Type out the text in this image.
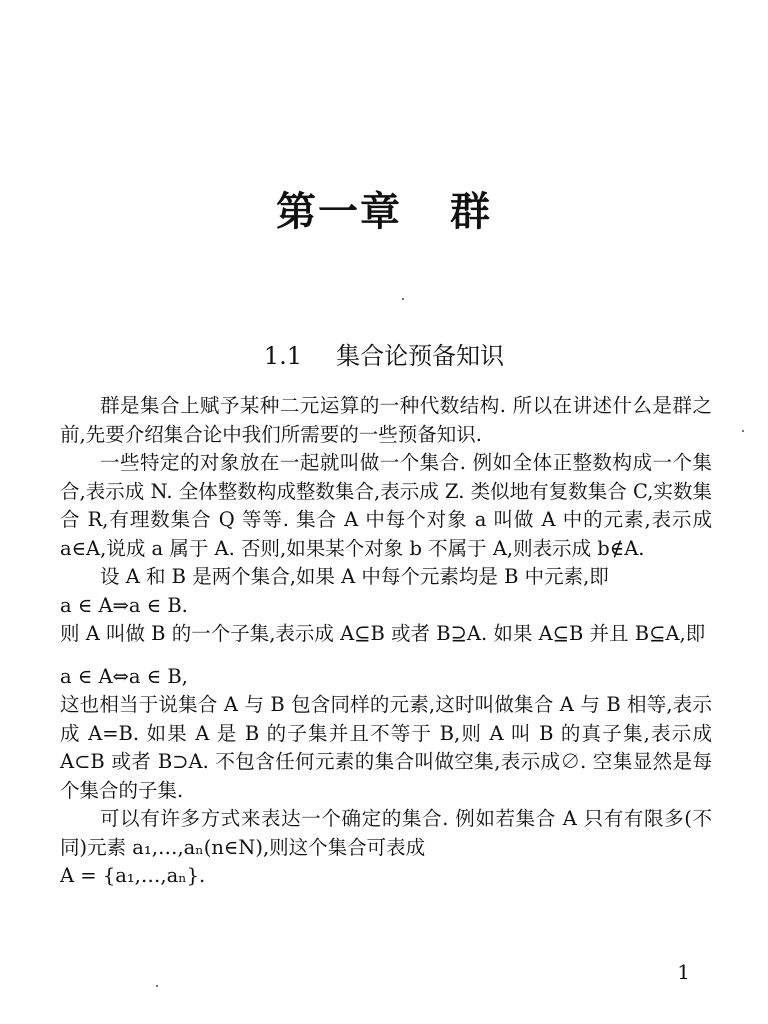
第一章 群
1.1 集合论预备知识

群是集合上赋予某种二元运算的一种代数结构. 所以在讲述什么是群之前,先要介绍集合论中我们所需要的一些预备知识.

一些特定的对象放在一起就叫做一个集合. 例如全体正整数构成一个集合,表示成 N. 全体整数构成整数集合,表示成 Z. 类似地有复数集合 C,实数集合 R,有理数集合 Q 等等. 集合 A 中每个对象 a 叫做 A 中的元素,表示成 a∈A,说成 a 属于 A. 否则,如果某个对象 b 不属于 A,则表示成 b∉A.

设 A 和 B 是两个集合,如果 A 中每个元素均是 B 中元素,即

a ∈ A⇒a ∈ B.

则 A 叫做 B 的一个子集,表示成 A⊆B 或者 B⊇A. 如果 A⊆B 并且 B⊆A,即

a ∈ A⇔a ∈ B,

这也相当于说集合 A 与 B 包含同样的元素,这时叫做集合 A 与 B 相等,表示成 A=B. 如果 A 是 B 的子集并且不等于 B,则 A 叫 B 的真子集,表示成 A⊂B 或者 B⊃A. 不包含任何元素的集合叫做空集,表示成∅. 空集显然是每个集合的子集.

可以有许多方式来表达一个确定的集合. 例如若集合 A 只有有限多(不同)元素 a₁,…,aₙ(n∈N),则这个集合可表成

A = {a₁,…,aₙ}.

1
